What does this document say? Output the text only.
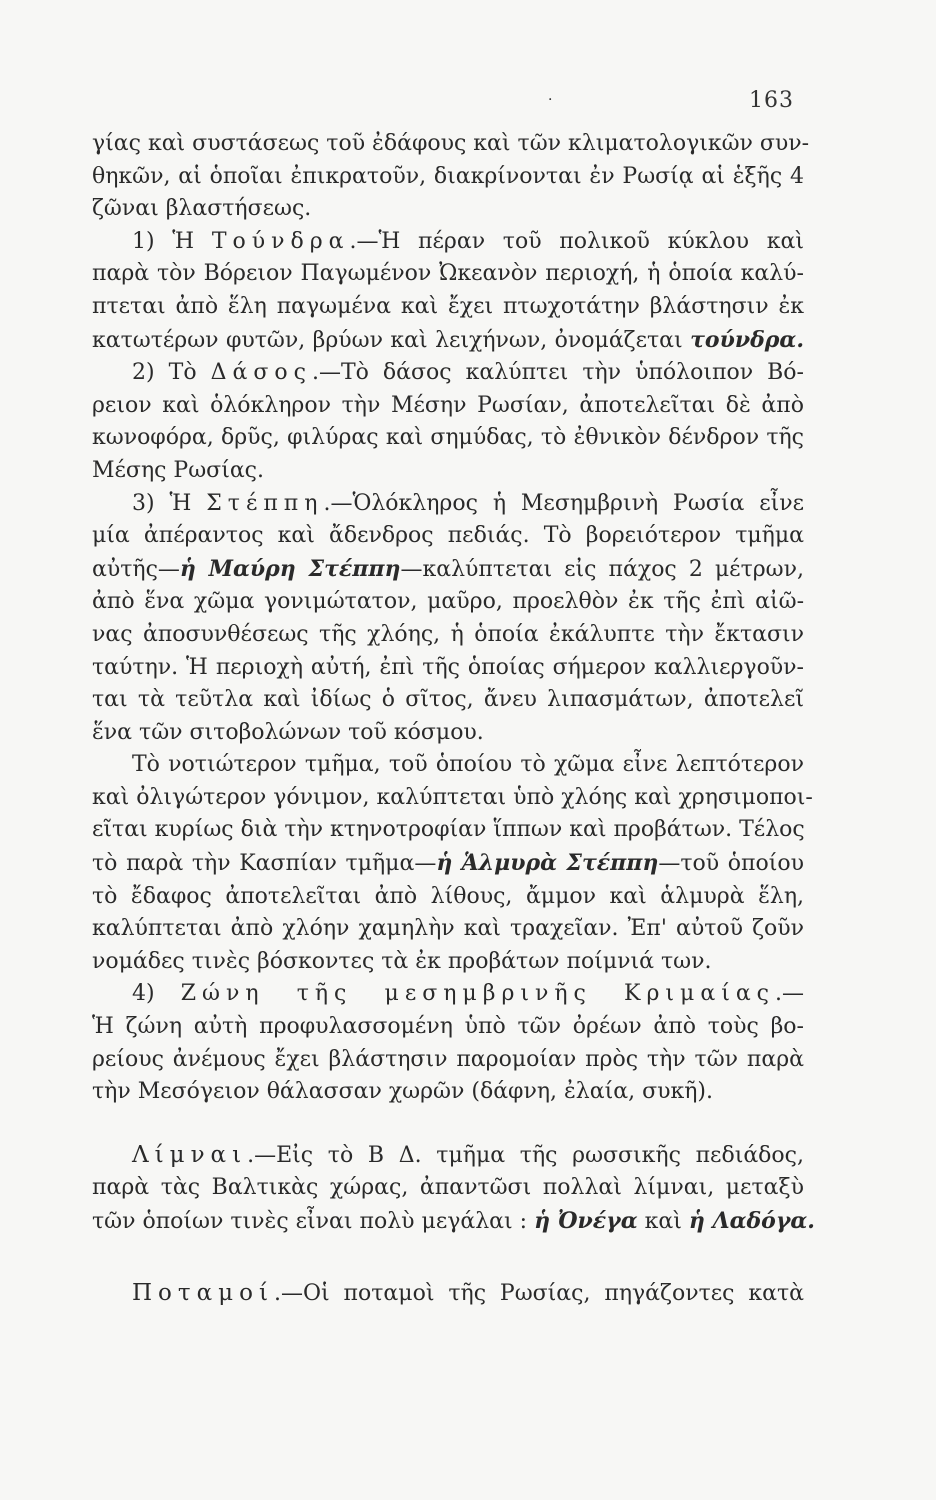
·	163
γίας καὶ συστάσεως τοῦ ἐδάφους καὶ τῶν κλιματολογικῶν συν-
θηκῶν, αἱ ὁποῖαι ἐπικρατοῦν, διακρίνονται ἐν Ρωσίᾳ αἱ ἑξῆς 4
ζῶναι βλαστήσεως.
1) Ἡ Τούνδρα.—Ἡ πέραν τοῦ πολικοῦ κύκλου καὶ
παρὰ τὸν Βόρειον Παγωμένον Ὠκεανὸν περιοχή, ἡ ὁποία καλύ-
πτεται ἀπὸ ἕλη παγωμένα καὶ ἔχει πτωχοτάτην βλάστησιν ἐκ
κατωτέρων φυτῶν, βρύων καὶ λειχήνων, ὀνομάζεται τούνδρα.
2) Τὸ Δάσος.—Τὸ δάσος καλύπτει τὴν ὑπόλοιπον Βό-
ρειον καὶ ὁλόκληρον τὴν Μέσην Ρωσίαν, ἀποτελεῖται δὲ ἀπὸ
κωνοφόρα, δρῦς, φιλύρας καὶ σημύδας, τὸ ἐθνικὸν δένδρον τῆς
Μέσης Ρωσίας.
3) Ἡ Στέππη.—Ὁλόκληρος ἡ Μεσημβρινὴ Ρωσία εἶνε
μία ἀπέραντος καὶ ἄδενδρος πεδιάς. Τὸ βορειότερον τμῆμα
αὐτῆς—ἡ Μαύρη Στέππη—καλύπτεται εἰς πάχος 2 μέτρων,
ἀπὸ ἕνα χῶμα γονιμώτατον, μαῦρο, προελθὸν ἐκ τῆς ἐπὶ αἰῶ-
νας ἀποσυνθέσεως τῆς χλόης, ἡ ὁποία ἐκάλυπτε τὴν ἔκτασιν
ταύτην. Ἡ περιοχὴ αὐτή, ἐπὶ τῆς ὁποίας σήμερον καλλιεργοῦν-
ται τὰ τεῦτλα καὶ ἰδίως ὁ σῖτος, ἄνευ λιπασμάτων, ἀποτελεῖ
ἕνα τῶν σιτοβολώνων τοῦ κόσμου.
Τὸ νοτιώτερον τμῆμα, τοῦ ὁποίου τὸ χῶμα εἶνε λεπτότερον
καὶ ὀλιγώτερον γόνιμον, καλύπτεται ὑπὸ χλόης καὶ χρησιμοποι-
εῖται κυρίως διὰ τὴν κτηνοτροφίαν ἵππων καὶ προβάτων. Τέλος
τὸ παρὰ τὴν Κασπίαν τμῆμα—ἡ Ἁλμυρὰ Στέππη—τοῦ ὁποίου
τὸ ἔδαφος ἀποτελεῖται ἀπὸ λίθους, ἄμμον καὶ ἁλμυρὰ ἕλη,
καλύπτεται ἀπὸ χλόην χαμηλὴν καὶ τραχεῖαν. Ἐπ' αὐτοῦ ζοῦν
νομάδες τινὲς βόσκοντες τὰ ἐκ προβάτων ποίμνιά των.
4) Ζώνη τῆς μεσημβρινῆς Κριμαίας.—
Ἡ ζώνη αὐτὴ προφυλασσομένη ὑπὸ τῶν ὀρέων ἀπὸ τοὺς βο-
ρείους ἀνέμους ἔχει βλάστησιν παρομοίαν πρὸς τὴν τῶν παρὰ
τὴν Μεσόγειον θάλασσαν χωρῶν (δάφνη, ἐλαία, συκῆ).
Λίμναι.—Εἰς τὸ Β Δ. τμῆμα τῆς ρωσσικῆς πεδιάδος,
παρὰ τὰς Βαλτικὰς χώρας, ἀπαντῶσι πολλαὶ λίμναι, μεταξὺ
τῶν ὁποίων τινὲς εἶναι πολὺ μεγάλαι : ἡ Ὀνέγα καὶ ἡ Λαδόγα.
Ποταμοί.—Οἱ ποταμοὶ τῆς Ρωσίας, πηγάζοντες κατὰ
